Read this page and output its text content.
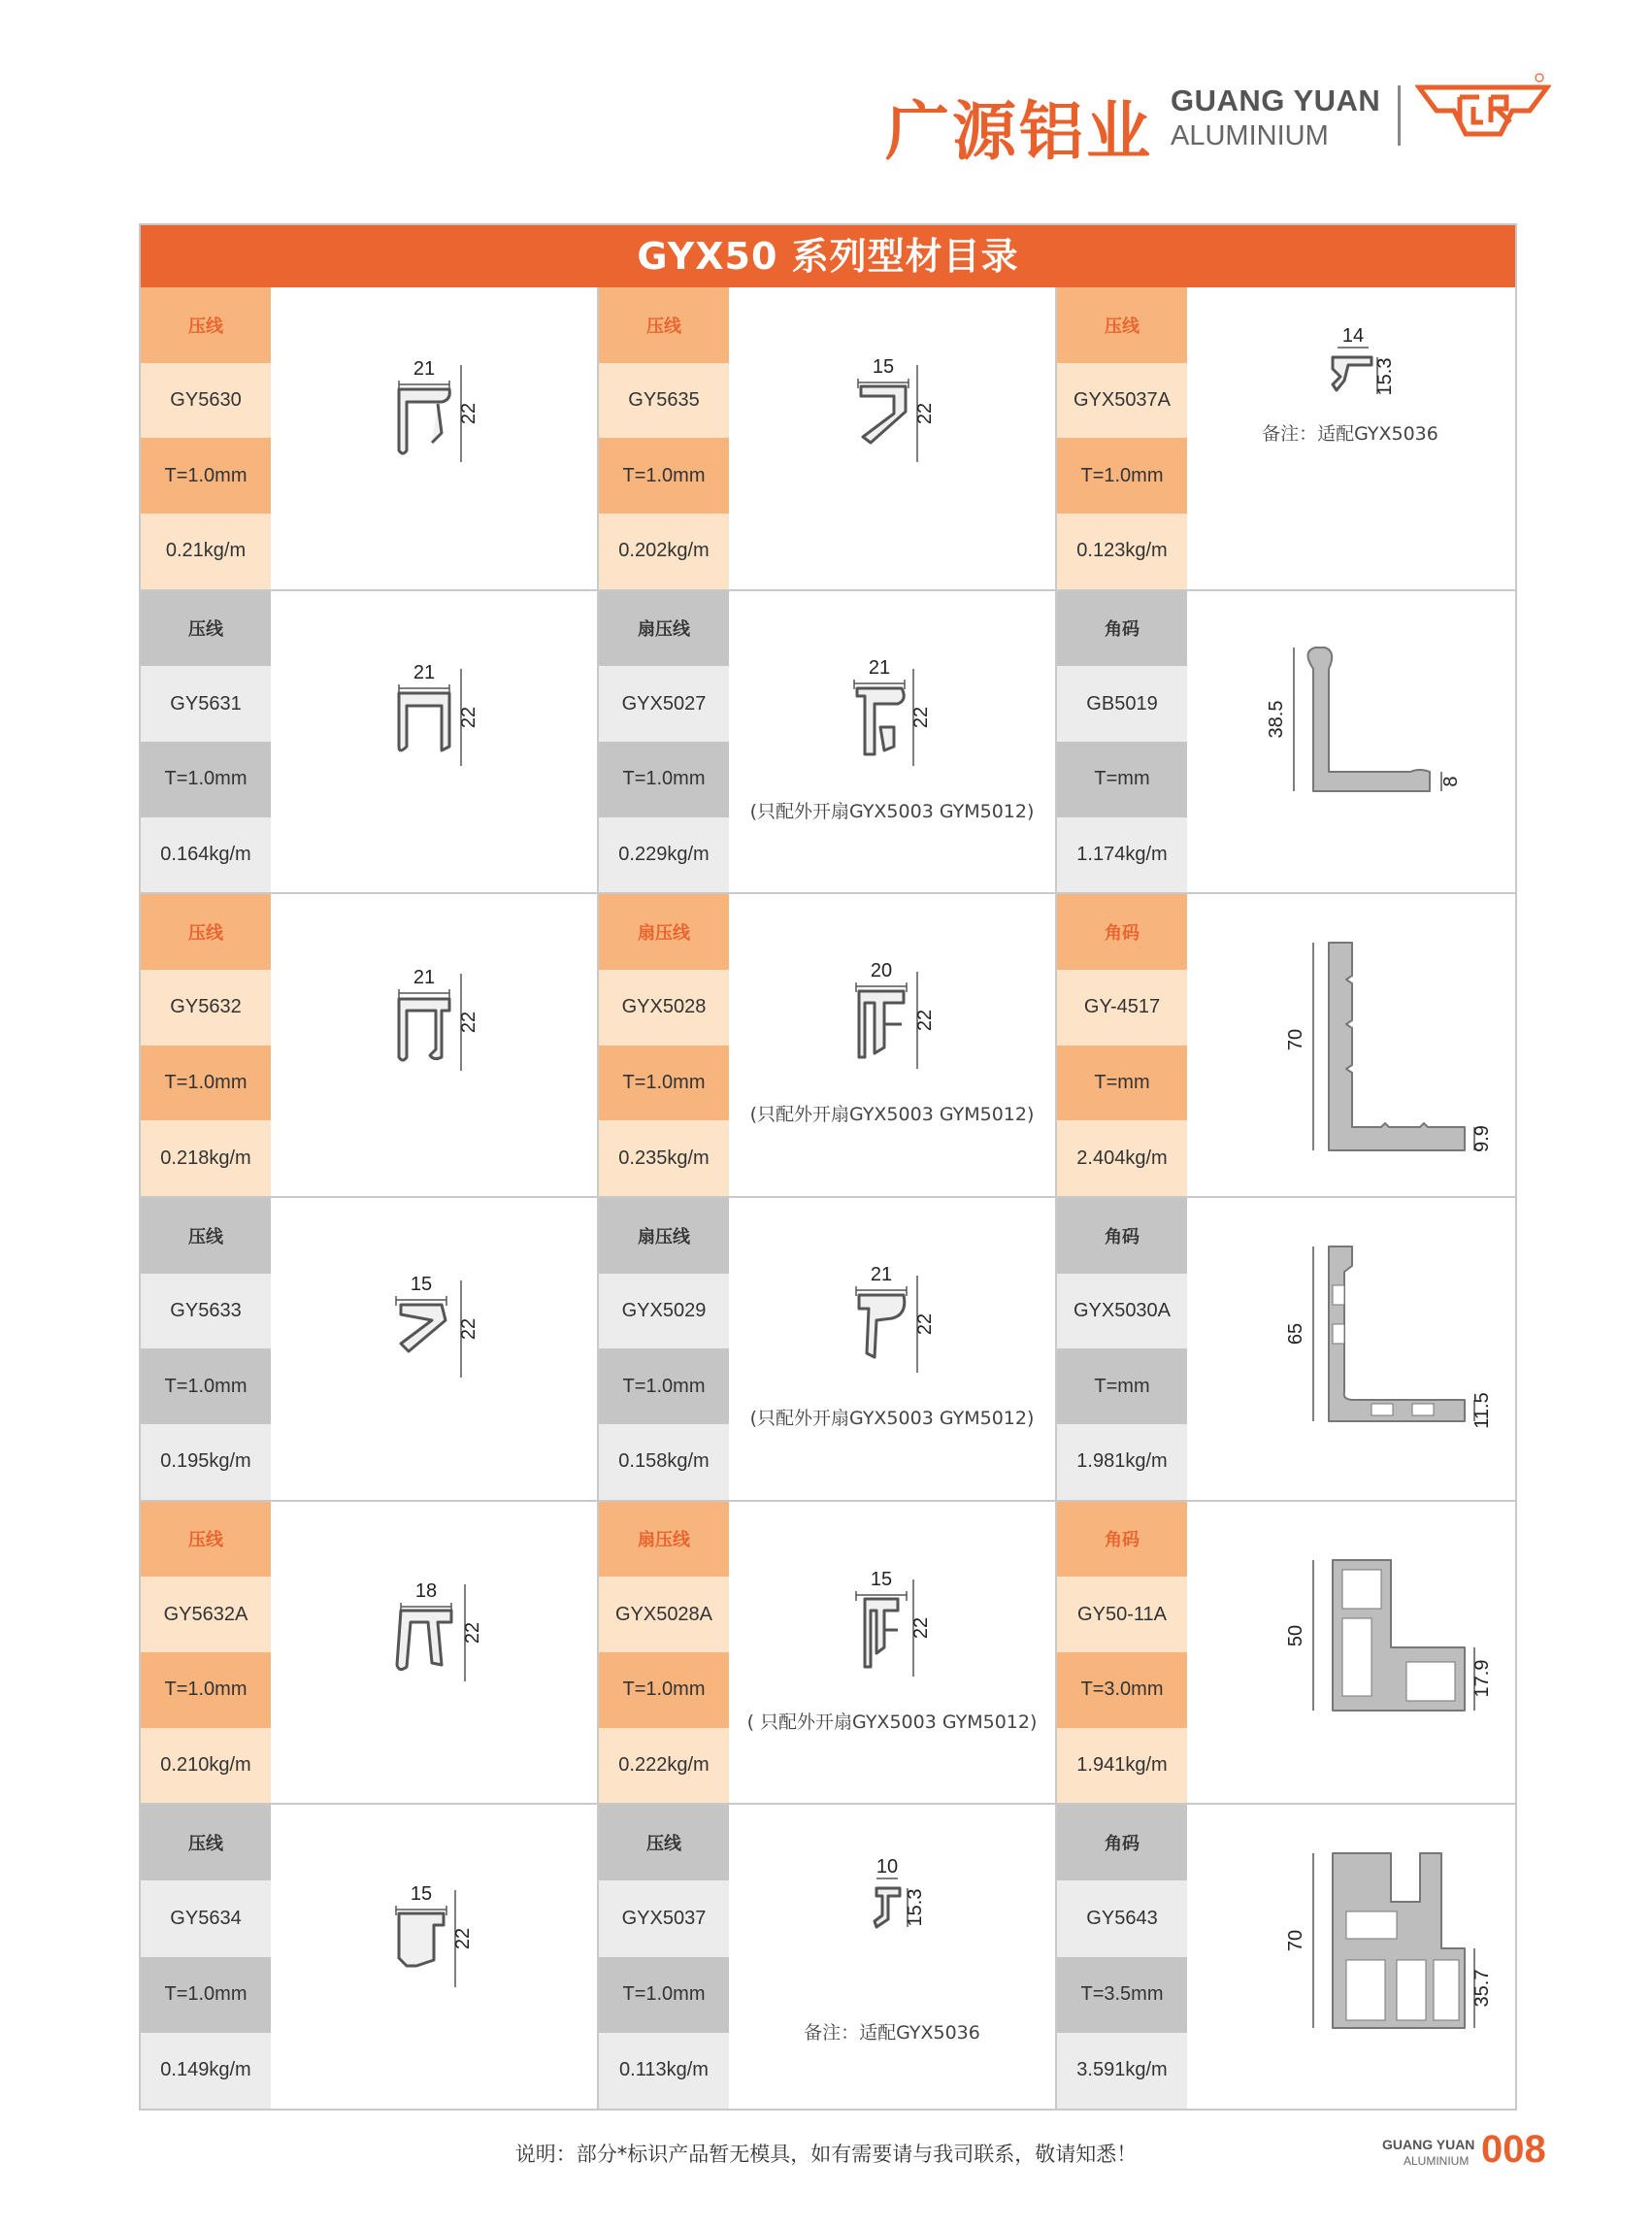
广源铝业 GUANG YUAN
ALUMINIUM
GYX50 系列型材目录
压线
GY5630
T=1.0mm
0.21kg/m
21
22
压线
GY5635
T=1.0mm
0.202kg/m
15
22
压线
GYX5037A
T=1.0mm
0.123kg/m
14
15.3
备注：适配GYX5036
压线
GY5631
T=1.0mm
0.164kg/m
21
22
扇压线
GYX5027
T=1.0mm
0.229kg/m
21
22
(只配外开扇GYX5003 GYM5012)
角码
GB5019
T=mm
1.174kg/m
38.5
8
压线
GY5632
T=1.0mm
0.218kg/m
21
22
扇压线
GYX5028
T=1.0mm
0.235kg/m
20
22
(只配外开扇GYX5003 GYM5012)
角码
GY-4517
T=mm
2.404kg/m
70
9.9
压线
GY5633
T=1.0mm
0.195kg/m
15
22
扇压线
GYX5029
T=1.0mm
0.158kg/m
21
22
(只配外开扇GYX5003 GYM5012)
角码
GYX5030A
T=mm
1.981kg/m
65
11.5
压线
GY5632A
T=1.0mm
0.210kg/m
18
22
扇压线
GYX5028A
T=1.0mm
0.222kg/m
15
22
( 只配外开扇GYX5003 GYM5012)
角码
GY50-11A
T=3.0mm
1.941kg/m
50
17.9
压线
GY5634
T=1.0mm
0.149kg/m
15
22
压线
GYX5037
T=1.0mm
0.113kg/m
10
15.3
备注：适配GYX5036
角码
GY5643
T=3.5mm
3.591kg/m
70
35.7
说明：部分*标识产品暂无模具，如有需要请与我司联系，敬请知悉！	GUANG YUAN
ALUMINIUM 008
